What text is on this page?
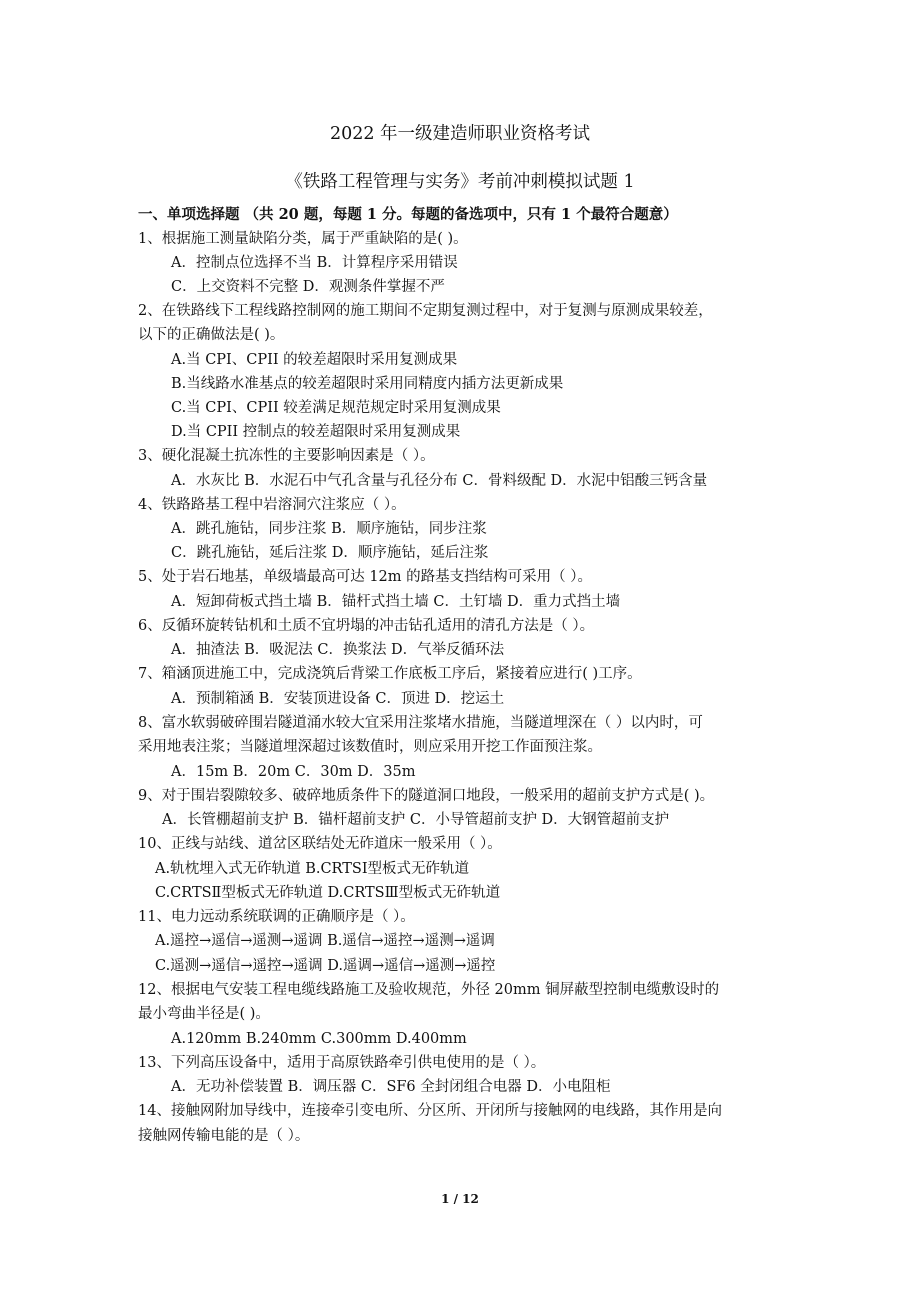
2022 年一级建造师职业资格考试
《铁路工程管理与实务》考前冲刺模拟试题 1
一、单项选择题 （共 20 题，每题 1 分。每题的备选项中，只有 1 个最符合题意）
1、根据施工测量缺陷分类，属于严重缺陷的是( )。
A．控制点位选择不当 B．计算程序采用错误
C．上交资料不完整 D．观测条件掌握不严
2、在铁路线下工程线路控制网的施工期间不定期复测过程中，对于复测与原测成果较差，
以下的正确做法是( )。
A.当 CPI、CPII 的较差超限时采用复测成果
B.当线路水准基点的较差超限时采用同精度内插方法更新成果
C.当 CPI、CPII 较差满足规范规定时采用复测成果
D.当 CPII 控制点的较差超限时采用复测成果
3、硬化混凝土抗冻性的主要影响因素是（ ）。
A．水灰比 B．水泥石中气孔含量与孔径分布 C．骨料级配 D．水泥中铝酸三钙含量
4、铁路路基工程中岩溶洞穴注浆应（ ）。
A．跳孔施钻，同步注浆 B．顺序施钻，同步注浆
C．跳孔施钻，延后注浆 D．顺序施钻，延后注浆
5、处于岩石地基，单级墙最高可达 12m 的路基支挡结构可采用（ ）。
A．短卸荷板式挡土墙 B．锚杆式挡土墙 C．土钉墙 D．重力式挡土墙
6、反循环旋转钻机和土质不宜坍塌的冲击钻孔适用的清孔方法是（ ）。
A．抽渣法 B．吸泥法 C．换浆法 D．气举反循环法
7、箱涵顶进施工中，完成浇筑后背梁工作底板工序后，紧接着应进行( )工序。
A．预制箱涵 B．安装顶进设备 C．顶进 D．挖运土
8、富水软弱破碎围岩隧道涌水较大宜采用注浆堵水措施，当隧道埋深在（ ）以内时，可
采用地表注浆；当隧道埋深超过该数值时，则应采用开挖工作面预注浆。
A．15m B．20m C．30m D．35m
9、对于围岩裂隙较多、破碎地质条件下的隧道洞口地段，一般采用的超前支护方式是( )。
A．长管棚超前支护 B．锚杆超前支护 C．小导管超前支护 D．大钢管超前支护
10、正线与站线、道岔区联结处无砟道床一般采用（ ）。
A.轨枕埋入式无砟轨道 B.CRTSⅠ型板式无砟轨道
C.CRTSⅡ型板式无砟轨道 D.CRTSⅢ型板式无砟轨道
11、电力远动系统联调的正确顺序是（ ）。
A.遥控→遥信→遥测→遥调 B.遥信→遥控→遥测→遥调
C.遥测→遥信→遥控→遥调 D.遥调→遥信→遥测→遥控
12、根据电气安装工程电缆线路施工及验收规范，外径 20mm 铜屏蔽型控制电缆敷设时的
最小弯曲半径是( )。
A.120mm B.240mm C.300mm D.400mm
13、下列高压设备中，适用于高原铁路牵引供电使用的是（ ）。
A．无功补偿装置 B．调压器 C．SF6 全封闭组合电器 D．小电阻柜
14、接触网附加导线中，连接牵引变电所、分区所、开闭所与接触网的电线路，其作用是向
接触网传输电能的是（ ）。
1 / 12
